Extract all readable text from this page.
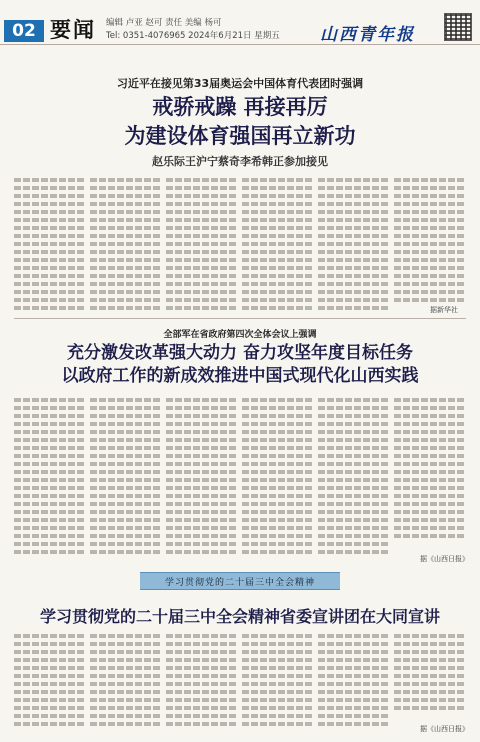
02 要闻 编辑 卢亚 赵可 责任 美编 杨可
Tel: 0351-4076965 2024年6月21日 星期五 山西青年报
习近平在接见第33届奥运会中国体育代表团时强调
戒骄戒躁 再接再厉
为建设体育强国再立新功
赵乐际王沪宁蔡奇李希韩正参加接见
据新华社
全部军在省政府第四次全体会议上强调
充分激发改革强大动力 奋力攻坚年度目标任务
以政府工作的新成效推进中国式现代化山西实践
据《山西日报》
学习贯彻党的二十届三中全会精神
学习贯彻党的二十届三中全会精神省委宣讲团在大同宣讲
据《山西日报》
